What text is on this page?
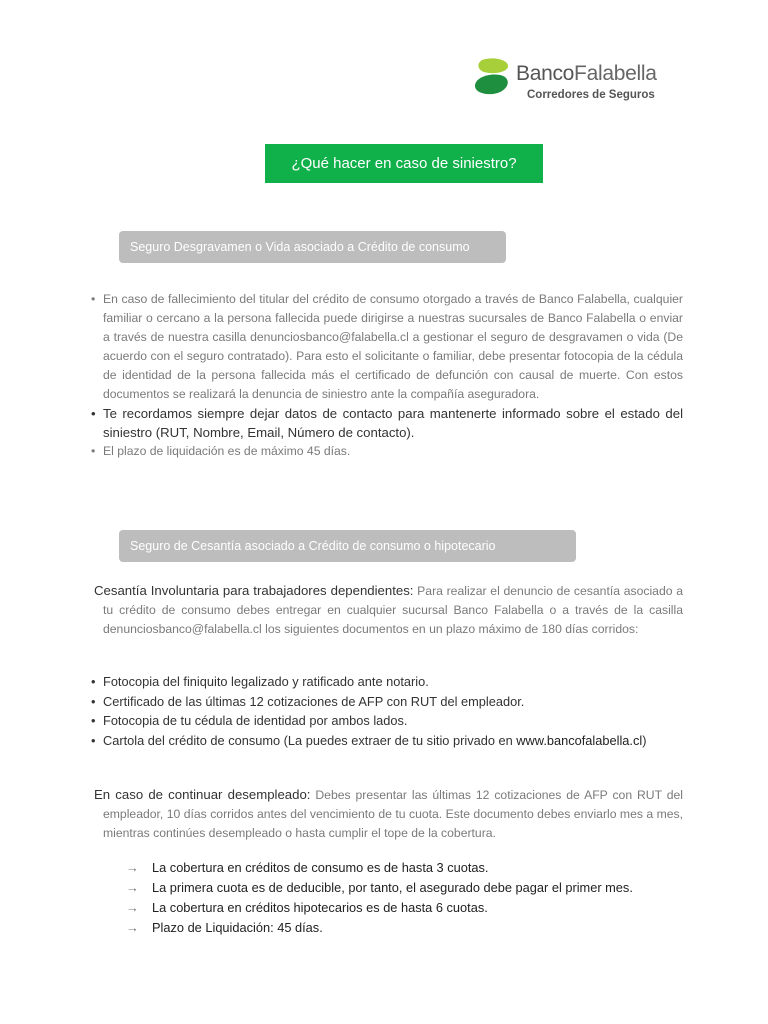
BancoFalabella
Corredores de Seguros
¿Qué hacer en caso de siniestro?
Seguro Desgravamen o Vida asociado a Crédito de consumo
• En caso de fallecimiento del titular del crédito de consumo otorgado a través de Banco Falabella, cualquier familiar o cercano a la persona fallecida puede dirigirse a nuestras sucursales de Banco Falabella o enviar a través de nuestra casilla denunciosbanco@falabella.cl a gestionar el seguro de desgravamen o vida (De acuerdo con el seguro contratado). Para esto el solicitante o familiar, debe presentar fotocopia de la cédula de identidad de la persona fallecida más el certificado de defunción con causal de muerte. Con estos documentos se realizará la denuncia de siniestro ante la compañía aseguradora.
• Te recordamos siempre dejar datos de contacto para mantenerte informado sobre el estado del siniestro (RUT, Nombre, Email, Número de contacto).
• El plazo de liquidación es de máximo 45 días.
Seguro de Cesantía asociado a Crédito de consumo o hipotecario
Cesantía Involuntaria para trabajadores dependientes: Para realizar el denuncio de cesantía asociado a tu crédito de consumo debes entregar en cualquier sucursal Banco Falabella o a través de la casilla denunciosbanco@falabella.cl los siguientes documentos en un plazo máximo de 180 días corridos:
• Fotocopia del finiquito legalizado y ratificado ante notario.
• Certificado de las últimas 12 cotizaciones de AFP con RUT del empleador.
• Fotocopia de tu cédula de identidad por ambos lados.
• Cartola del crédito de consumo (La puedes extraer de tu sitio privado en www.bancofalabella.cl)
En caso de continuar desempleado: Debes presentar las últimas 12 cotizaciones de AFP con RUT del empleador, 10 días corridos antes del vencimiento de tu cuota. Este documento debes enviarlo mes a mes, mientras continúes desempleado o hasta cumplir el tope de la cobertura.
→	La cobertura en créditos de consumo es de hasta 3 cuotas.
→	La primera cuota es de deducible, por tanto, el asegurado debe pagar el primer mes.
→	La cobertura en créditos hipotecarios es de hasta 6 cuotas.
→	Plazo de Liquidación: 45 días.
